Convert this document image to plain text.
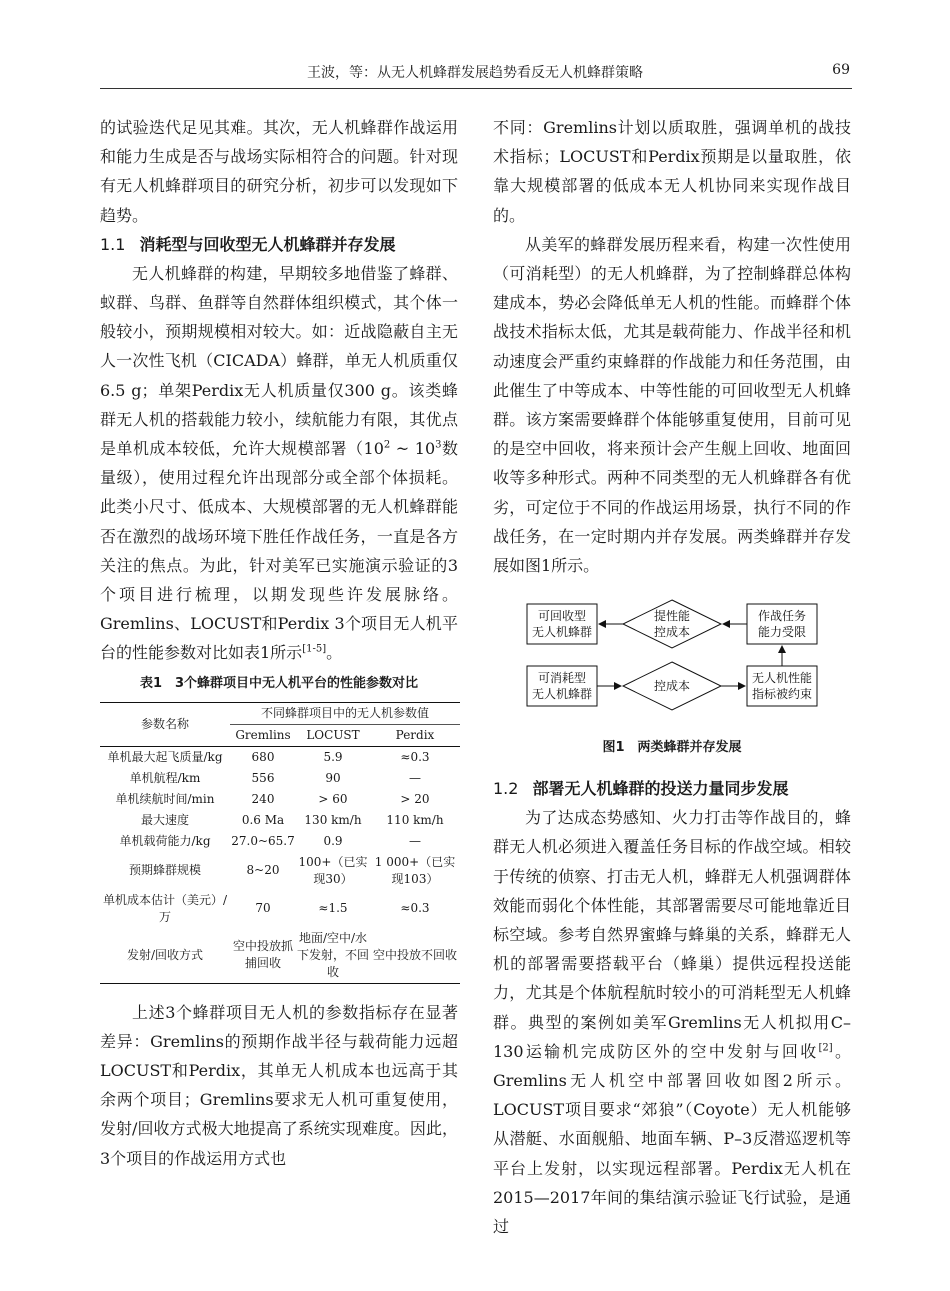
王波，等：从无人机蜂群发展趋势看反无人机蜂群策略	69

的试验迭代足见其难。其次，无人机蜂群作战运用和能力生成是否与战场实际相符合的问题。针对现有无人机蜂群项目的研究分析，初步可以发现如下趋势。

1.1 消耗型与回收型无人机蜂群并存发展

无人机蜂群的构建，早期较多地借鉴了蜂群、蚁群、鸟群、鱼群等自然群体组织模式，其个体一般较小，预期规模相对较大。如：近战隐蔽自主无人一次性飞机（CICADA）蜂群，单无人机质重仅6.5 g；单架Perdix无人机质量仅300 g。该类蜂群无人机的搭载能力较小，续航能力有限，其优点是单机成本较低，允许大规模部署（$10^2$ ~ $10^3$数量级），使用过程允许出现部分或全部个体损耗。此类小尺寸、低成本、大规模部署的无人机蜂群能否在激烈的战场环境下胜任作战任务，一直是各方关注的焦点。为此，针对美军已实施演示验证的3个项目进行梳理，以期发现些许发展脉络。Gremlins、LOCUST和Perdix 3个项目无人机平台的性能参数对比如表1所示[1-5]。

表1　3个蜂群项目中无人机平台的性能参数对比
参数名称	不同蜂群项目中的无人机参数值		
	Gremlins	LOCUST	Perdix
单机最大起飞质量/kg	680	5.9	≈0.3
单机航程/km	556	90	—
单机续航时间/min	240	> 60	> 20
最大速度	0.6 Ma	130 km/h	110 km/h
单机载荷能力/kg	27.0~65.7	0.9	—
预期蜂群规模	8~20	100+（已实现30）	1 000+（已实现103）
单机成本估计（美元）/万	70	≈1.5	≈0.3
发射/回收方式	空中投放抓捕回收	地面/空中/水下发射，不回收	空中投放不回收

上述3个蜂群项目无人机的参数指标存在显著差异：Gremlins的预期作战半径与载荷能力远超LOCUST和Perdix，其单无人机成本也远高于其余两个项目；Gremlins要求无人机可重复使用，发射/回收方式极大地提高了系统实现难度。因此，3个项目的作战运用方式也

不同：Gremlins计划以质取胜，强调单机的战技术指标；LOCUST和Perdix预期是以量取胜，依靠大规模部署的低成本无人机协同来实现作战目的。

从美军的蜂群发展历程来看，构建一次性使用（可消耗型）的无人机蜂群，为了控制蜂群总体构建成本，势必会降低单无人机的性能。而蜂群个体战技术指标太低，尤其是载荷能力、作战半径和机动速度会严重约束蜂群的作战能力和任务范围，由此催生了中等成本、中等性能的可回收型无人机蜂群。该方案需要蜂群个体能够重复使用，目前可见的是空中回收，将来预计会产生舰上回收、地面回收等多种形式。两种不同类型的无人机蜂群各有优劣，可定位于不同的作战运用场景，执行不同的作战任务，在一定时期内并存发展。两类蜂群并存发展如图1所示。

可回收型
无人机蜂群
提性能
控成本
作战任务
能力受限
可消耗型
无人机蜂群
控成本
无人机性能
指标被约束
图1　两类蜂群并存发展
1.2 部署无人机蜂群的投送力量同步发展

为了达成态势感知、火力打击等作战目的，蜂群无人机必须进入覆盖任务目标的作战空域。相较于传统的侦察、打击无人机，蜂群无人机强调群体效能而弱化个体性能，其部署需要尽可能地靠近目标空域。参考自然界蜜蜂与蜂巢的关系，蜂群无人机的部署需要搭载平台（蜂巢）提供远程投送能力，尤其是个体航程航时较小的可消耗型无人机蜂群。典型的案例如美军Gremlins无人机拟用C–130运输机完成防区外的空中发射与回收[2]。Gremlins无人机空中部署回收如图2所示。LOCUST项目要求“郊狼”（Coyote）无人机能够从潜艇、水面舰船、地面车辆、P–3反潜巡逻机等平台上发射，以实现远程部署。Perdix无人机在2015—2017年间的集结演示验证飞行试验，是通过
